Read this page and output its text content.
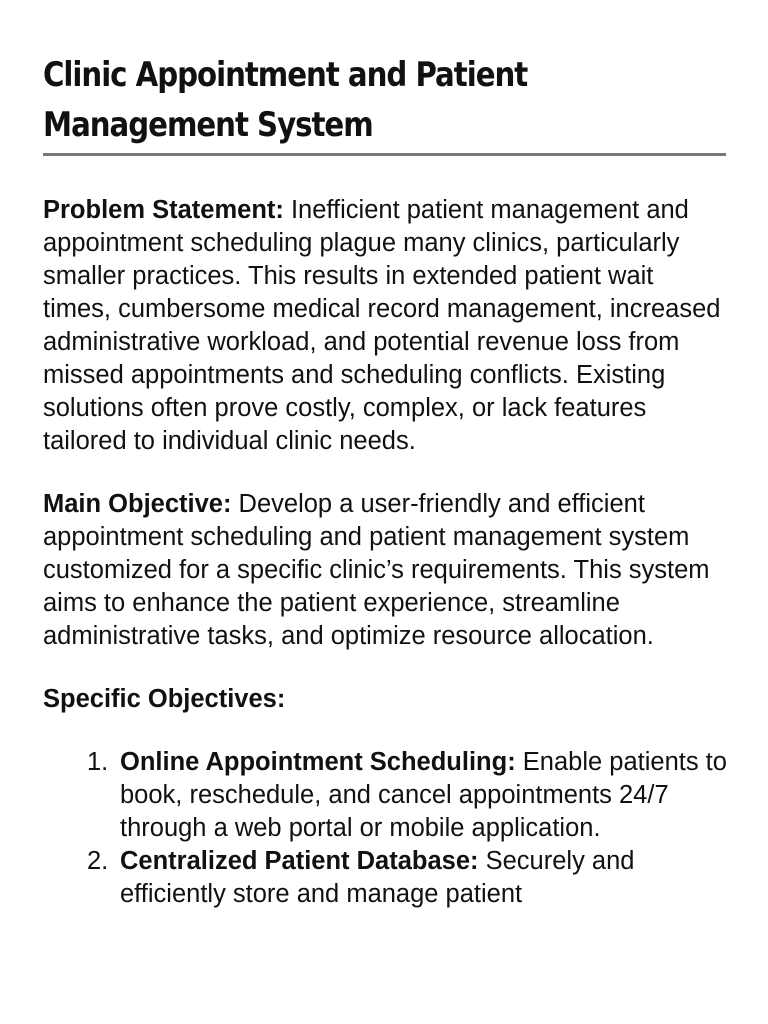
Clinic Appointment and Patient
Management System

Problem Statement: Inefficient patient management and appointment scheduling plague many clinics, particularly smaller practices. This results in extended patient wait times, cumbersome medical record management, increased administrative workload, and potential revenue loss from missed appointments and scheduling conflicts. Existing solutions often prove costly, complex, or lack features tailored to individual clinic needs.

Main Objective: Develop a user-friendly and efficient appointment scheduling and patient management system customized for a specific clinic’s requirements. This system aims to enhance the patient experience, streamline administrative tasks, and optimize resource allocation.

Specific Objectives:

1. Online Appointment Scheduling: Enable patients to book, reschedule, and cancel appointments 24/7 through a web portal or mobile application.
2. Centralized Patient Database: Securely and efficiently store and manage patient
